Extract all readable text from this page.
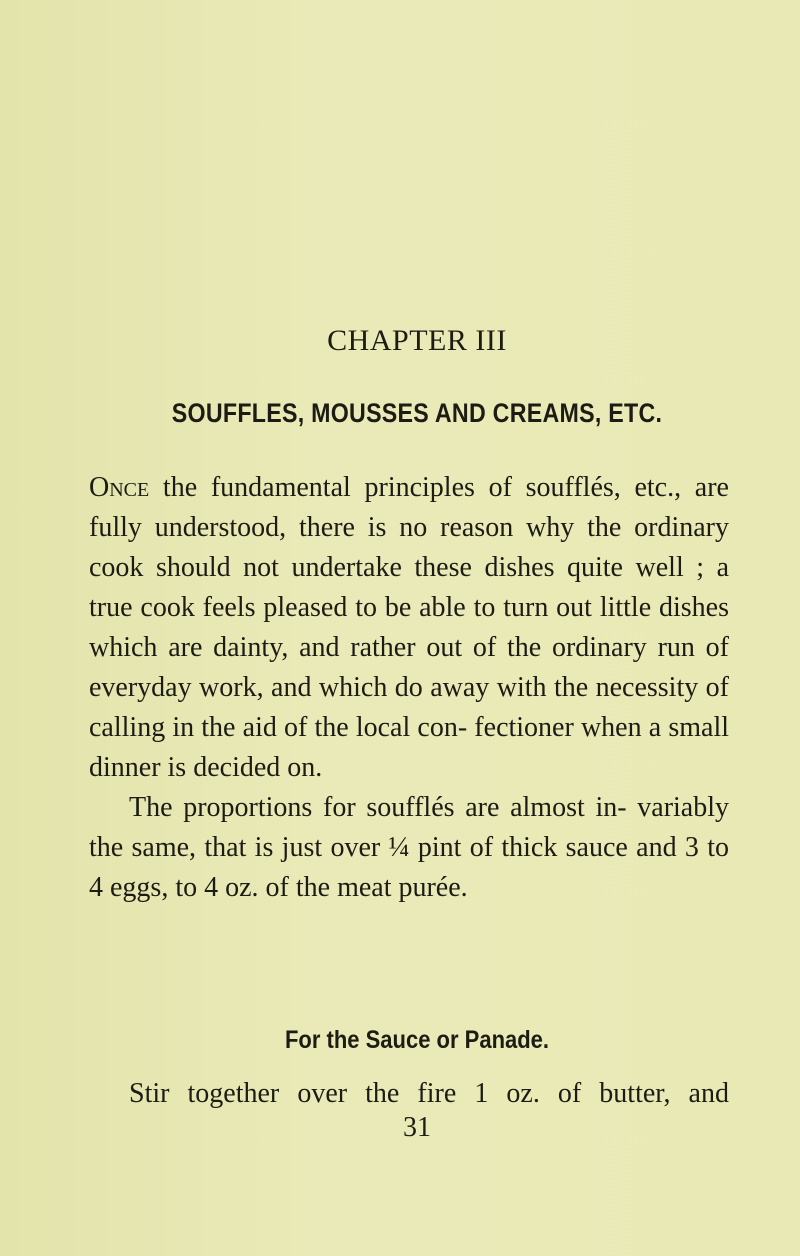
CHAPTER III
SOUFFLES, MOUSSES AND CREAMS, ETC.

Once the fundamental principles of soufflés, etc., are fully understood, there is no reason why the ordinary cook should not undertake these dishes quite well ; a true cook feels pleased to be able to turn out little dishes which are dainty, and rather out of the ordinary run of everyday work, and which do away with the necessity of calling in the aid of the local con- fectioner when a small dinner is decided on.

The proportions for soufflés are almost in- variably the same, that is just over ¼ pint of thick sauce and 3 to 4 eggs, to 4 oz. of the meat purée.

For the Sauce or Panade.

Stir together over the fire 1 oz. of butter, and

31
